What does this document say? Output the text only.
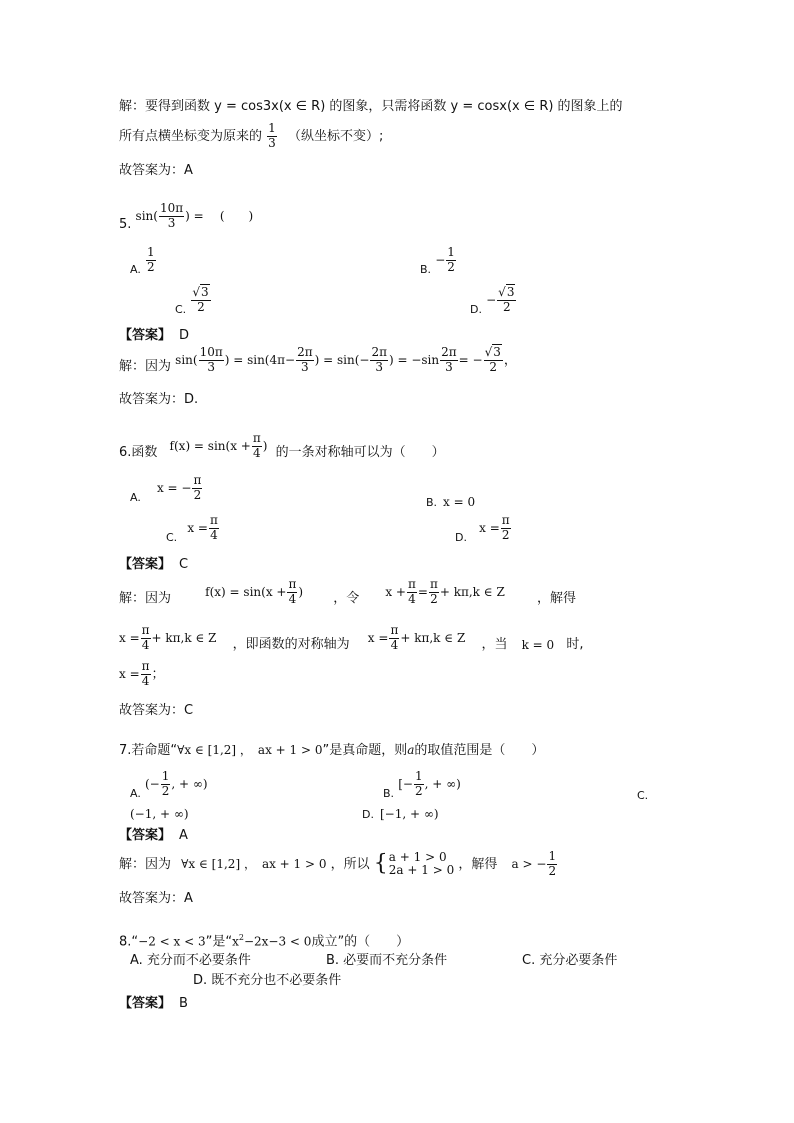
解：要得到函数 y = cos3x(x ∈ R) 的图象，只需将函数 y = cosx(x ∈ R) 的图象上的
所有点横坐标变为原来的 $\frac{1}{3}$ （纵坐标不变）;
故答案为：A
5. $\sin( \frac{10\pi}{3}$ ) = (　　)
A. $\frac{1}{2}$	B. − $\frac{1}{2}$
C. $\frac{√3}{2}$	D. − $\frac{√3}{2}$
【答案】 D
解：因为 $\sin( \frac{10\pi}{3}$ ) = $\sin(4\pi- \frac{2\pi}{3}$ ) = $\sin(- \frac{2\pi}{3}$ ) = $-\sin \frac{2\pi}{3}$ = − $\frac{√3}{2}$ ，
故答案为：D.
6.函数 $f(x) = \sin(x + \frac{\pi}{4}$ ) 的一条对称轴可以为（　　）
A. x = − $\frac{\pi}{2}$	B. x = 0
C. $x = \frac{\pi}{4}$	D. $x = \frac{\pi}{2}$
【答案】 C
解：因为	$f(x) = \sin(x + \frac{\pi}{4}$ ) ，令 $x + \frac{\pi}{4} = \frac{\pi}{2} + k\pi,k$ ∈ Z ，解得
$x = \frac{\pi}{4} + k\pi,k$ ∈ Z ，即函数的对称轴为 $x = \frac{\pi}{4} + k\pi,k$ ∈ Z ，当 k = 0 时,
$x = \frac{\pi}{4}$ ；
故答案为：C
7.若命题“∀x ∈ [1,2] ，　ax + 1 > 0”是真命题，则a的取值范围是（　　）
A. (− $\frac{1}{2}$ , + ∞)
B. [− $\frac{1}{2}$ , + ∞)
C.
(−1, + ∞)	D. [−1, + ∞)
【答案】 A
解：因为 ∀x ∈ [1,2] ，　ax + 1 > 0 ，所以 { a + 1 > 0
2a + 1 > 0 ，解得 a > − $\frac{1}{2}$
故答案为：A
8.“−2 < x < 3”是“$x^2-2x-3 < 0$成立”的（　　）
A. 充分而不必要条件	B. 必要而不充分条件	C. 充分必要条件
D. 既不充分也不必要条件
【答案】 B
